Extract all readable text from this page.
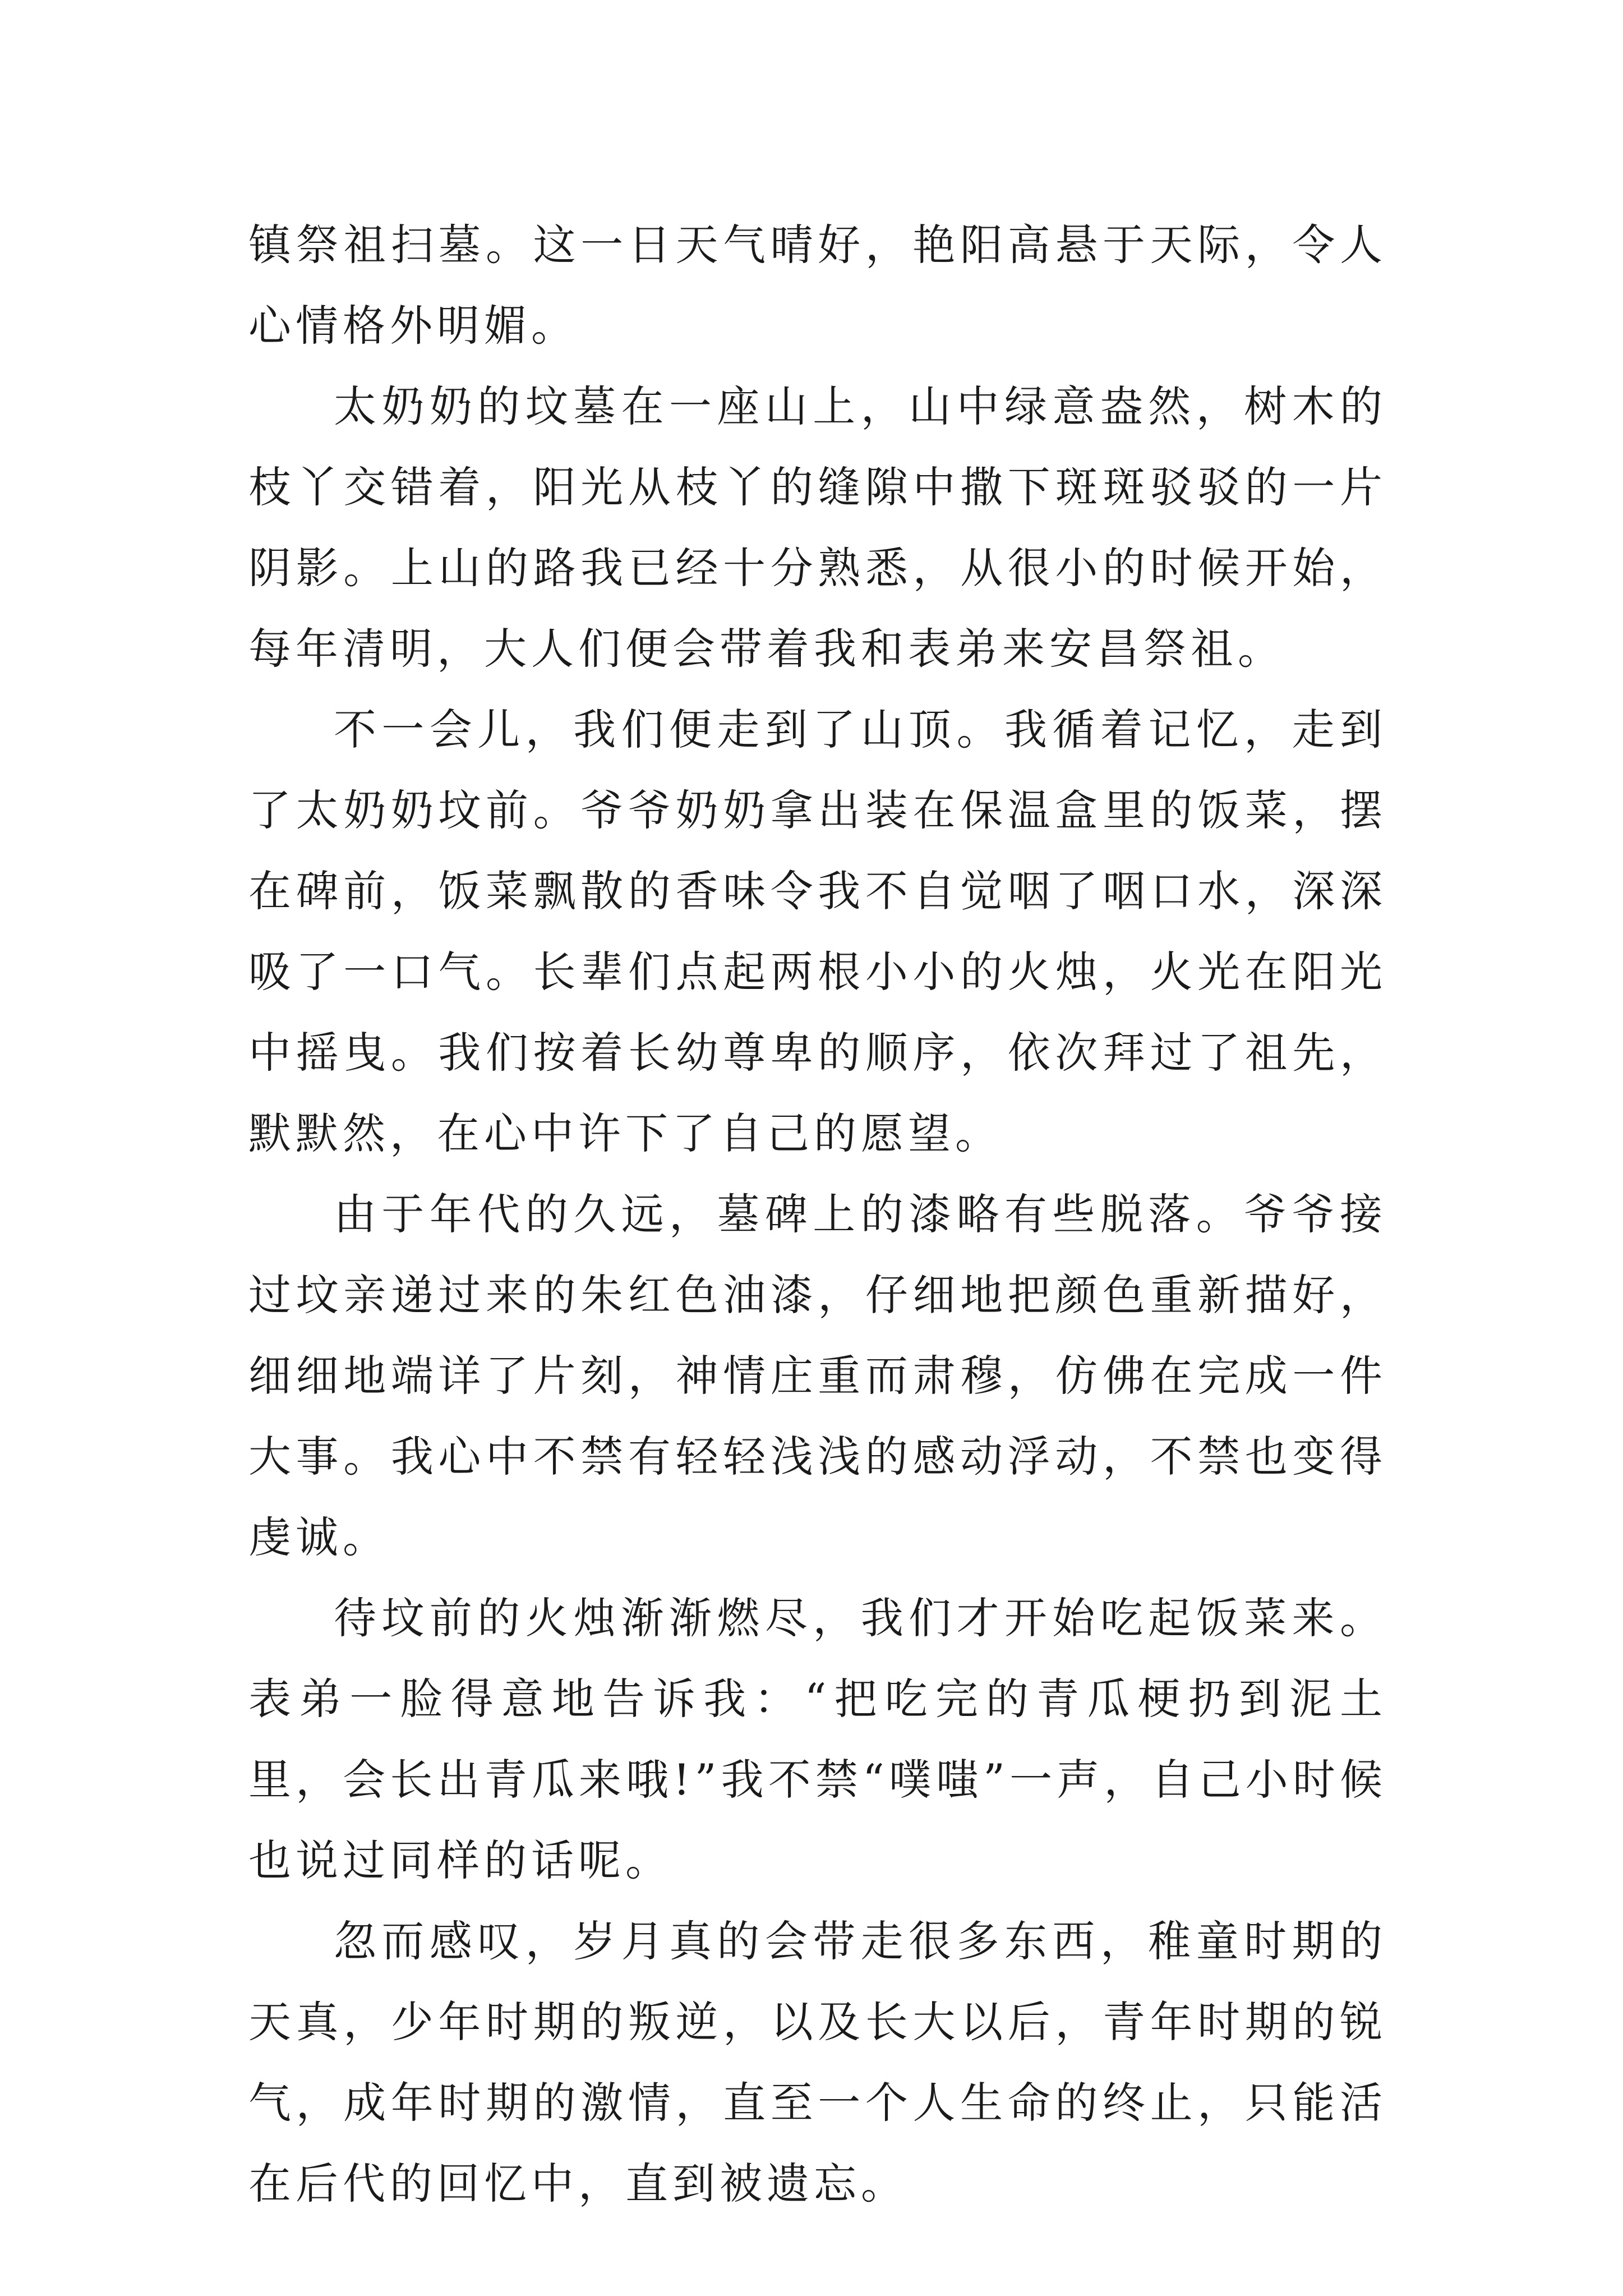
镇祭祖扫墓。这一日天气晴好，艳阳高悬于天际，令人心情格外明媚。

太奶奶的坟墓在一座山上，山中绿意盎然，树木的枝丫交错着，阳光从枝丫的缝隙中撒下斑斑驳驳的一片阴影。上山的路我已经十分熟悉，从很小的时候开始，每年清明，大人们便会带着我和表弟来安昌祭祖。

不一会儿，我们便走到了山顶。我循着记忆，走到了太奶奶坟前。爷爷奶奶拿出装在保温盒里的饭菜，摆在碑前，饭菜飘散的香味令我不自觉咽了咽口水，深深吸了一口气。长辈们点起两根小小的火烛，火光在阳光中摇曳。我们按着长幼尊卑的顺序，依次拜过了祖先，默默然，在心中许下了自己的愿望。

由于年代的久远，墓碑上的漆略有些脱落。爷爷接过坟亲递过来的朱红色油漆，仔细地把颜色重新描好，细细地端详了片刻，神情庄重而肃穆，仿佛在完成一件大事。我心中不禁有轻轻浅浅的感动浮动，不禁也变得虔诚。

待坟前的火烛渐渐燃尽，我们才开始吃起饭菜来。表弟一脸得意地告诉我：“把吃完的青瓜梗扔到泥土里，会长出青瓜来哦!”我不禁“噗嗤”一声，自己小时候也说过同样的话呢。

忽而感叹，岁月真的会带走很多东西，稚童时期的天真，少年时期的叛逆，以及长大以后，青年时期的锐气，成年时期的激情，直至一个人生命的终止，只能活在后代的回忆中，直到被遗忘。
